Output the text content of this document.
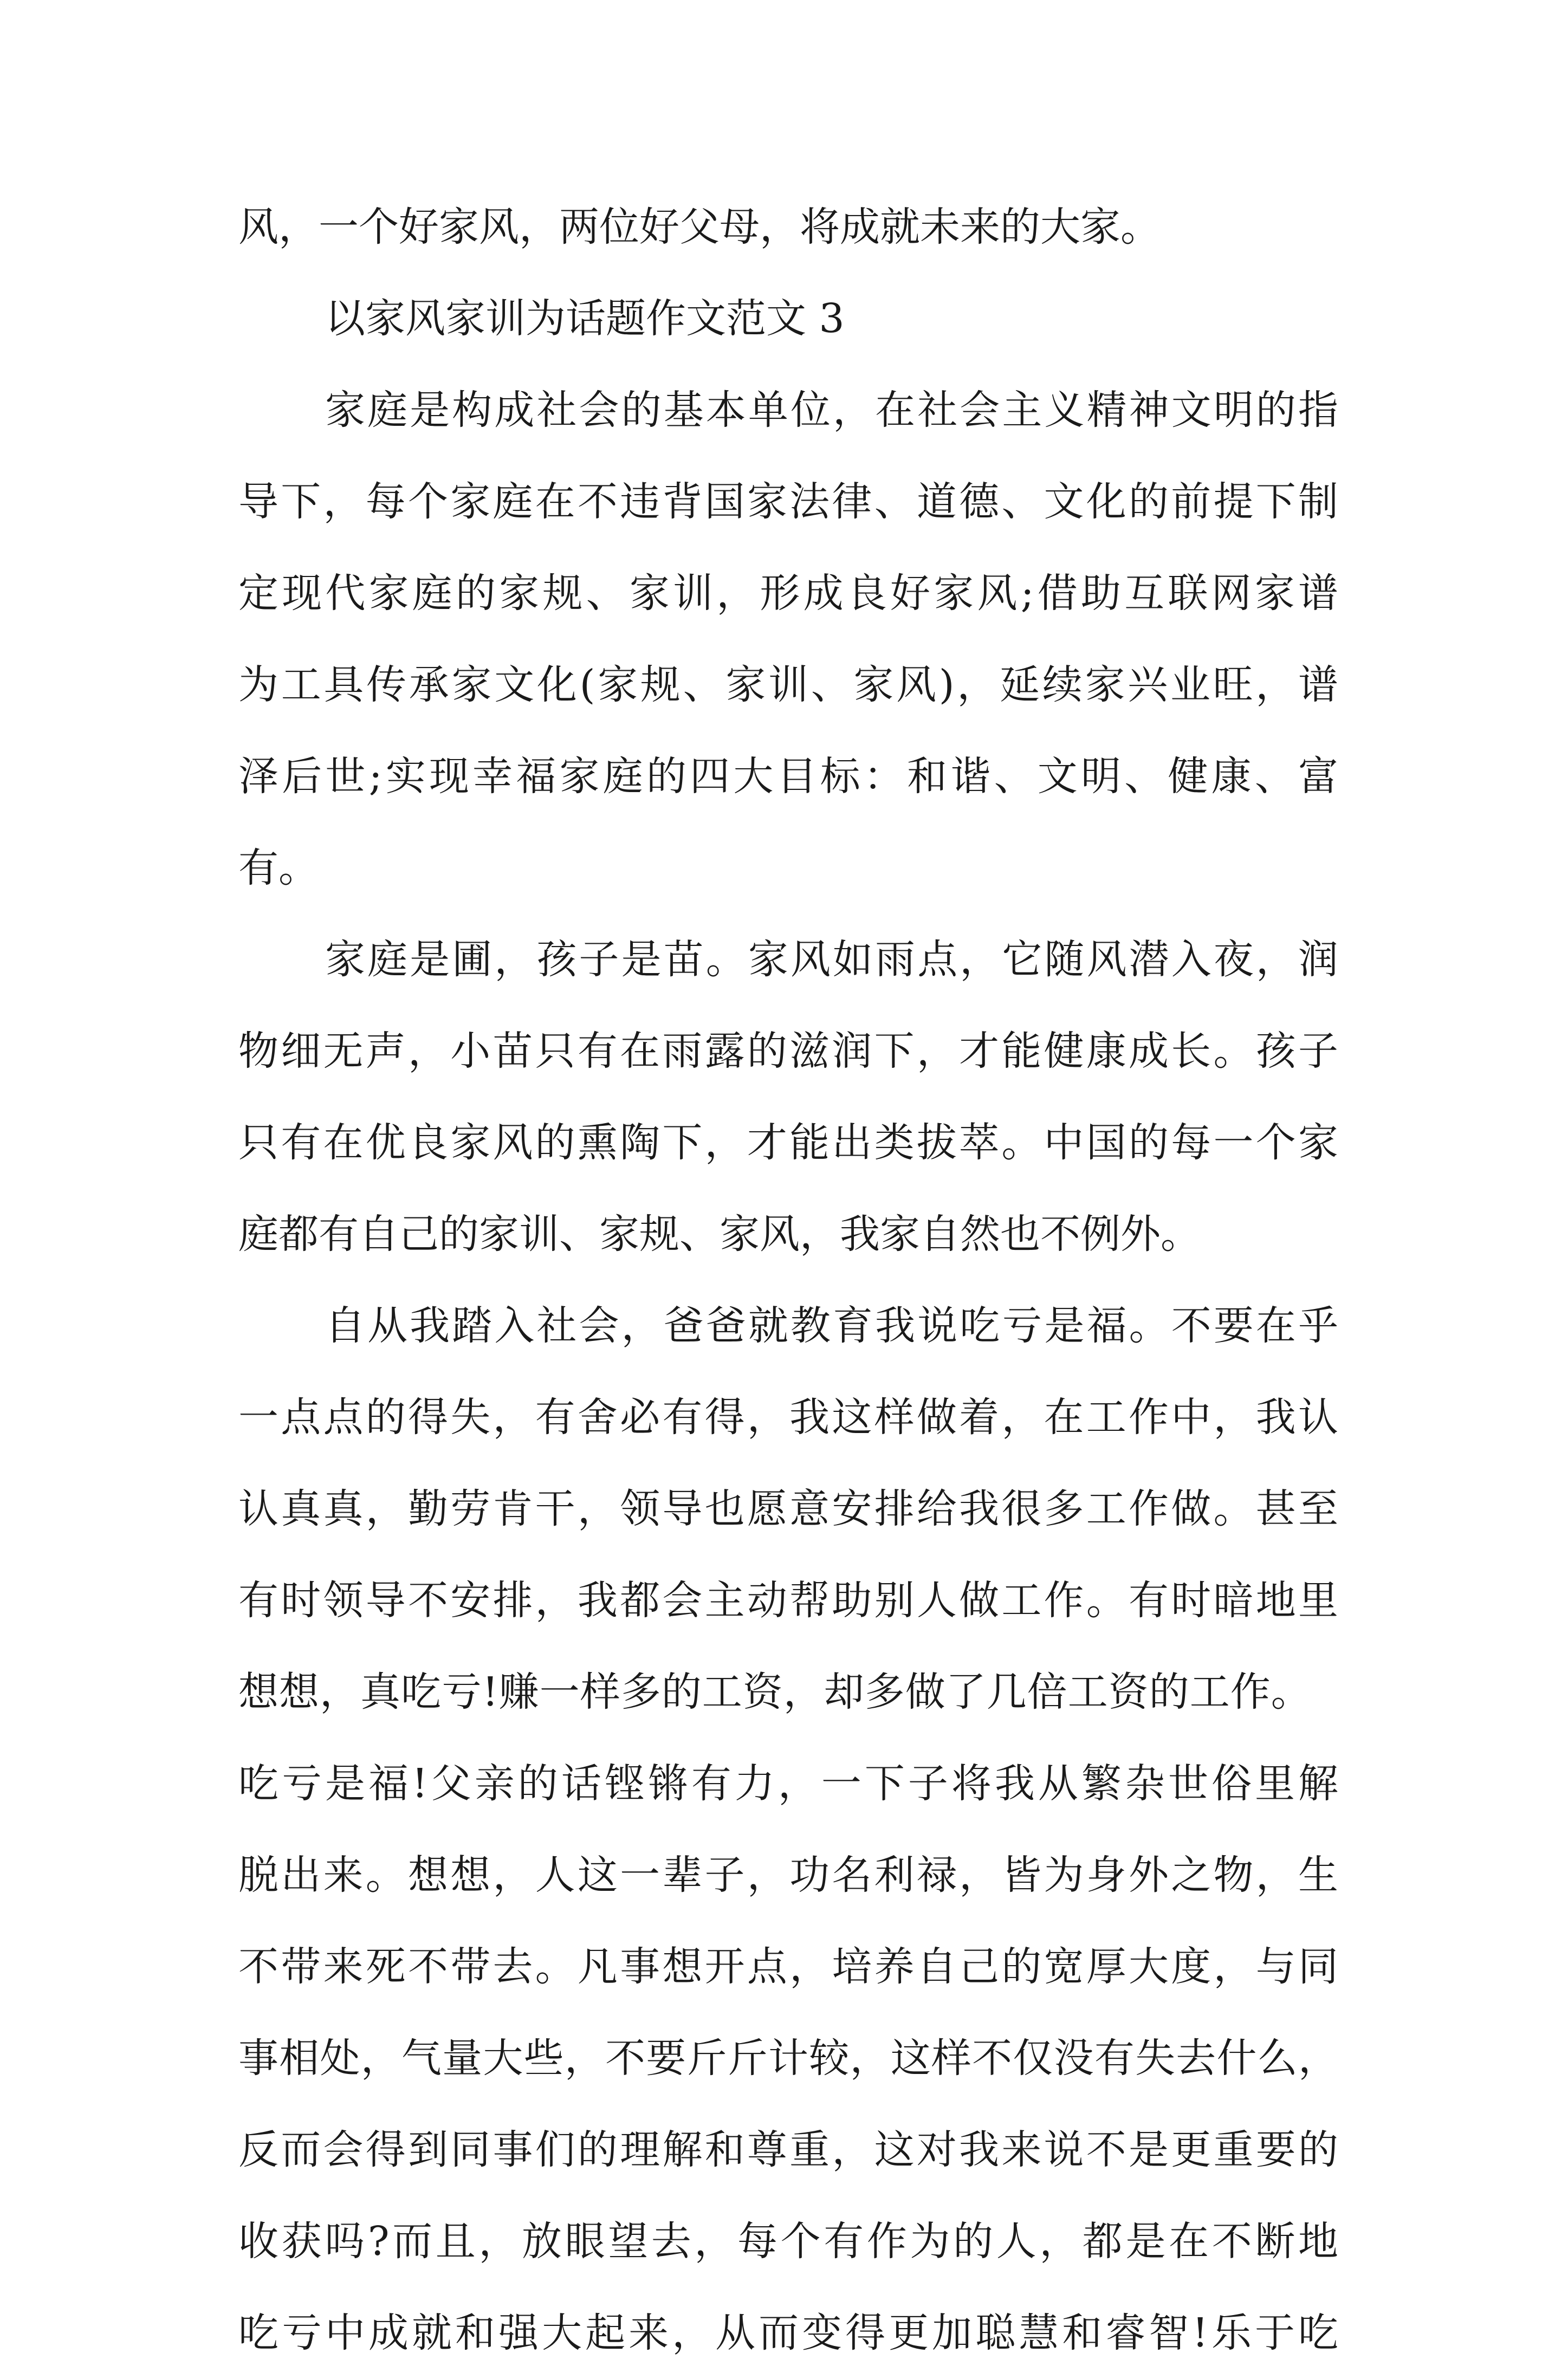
风，一个好家风，两位好父母，将成就未来的大家。
以家风家训为话题作文范文 3
家庭是构成社会的基本单位，在社会主义精神文明的指
导下，每个家庭在不违背国家法律、道德、文化的前提下制
定现代家庭的家规、家训，形成良好家风;借助互联网家谱
为工具传承家文化(家规、家训、家风)，延续家兴业旺，谱
泽后世;实现幸福家庭的四大目标：和谐、文明、健康、富
有。
家庭是圃，孩子是苗。家风如雨点，它随风潜入夜，润
物细无声，小苗只有在雨露的滋润下，才能健康成长。孩子
只有在优良家风的熏陶下，才能出类拔萃。中国的每一个家
庭都有自己的家训、家规、家风，我家自然也不例外。
自从我踏入社会，爸爸就教育我说吃亏是福。不要在乎
一点点的得失，有舍必有得，我这样做着，在工作中，我认
认真真，勤劳肯干，领导也愿意安排给我很多工作做。甚至
有时领导不安排，我都会主动帮助别人做工作。有时暗地里
想想，真吃亏!赚一样多的工资，却多做了几倍工资的工作。
吃亏是福!父亲的话铿锵有力，一下子将我从繁杂世俗里解
脱出来。想想，人这一辈子，功名利禄，皆为身外之物，生
不带来死不带去。凡事想开点，培养自己的宽厚大度，与同
事相处，气量大些，不要斤斤计较，这样不仅没有失去什么，
反而会得到同事们的理解和尊重，这对我来说不是更重要的
收获吗?而且，放眼望去，每个有作为的人，都是在不断地
吃亏中成就和强大起来，从而变得更加聪慧和睿智!乐于吃
